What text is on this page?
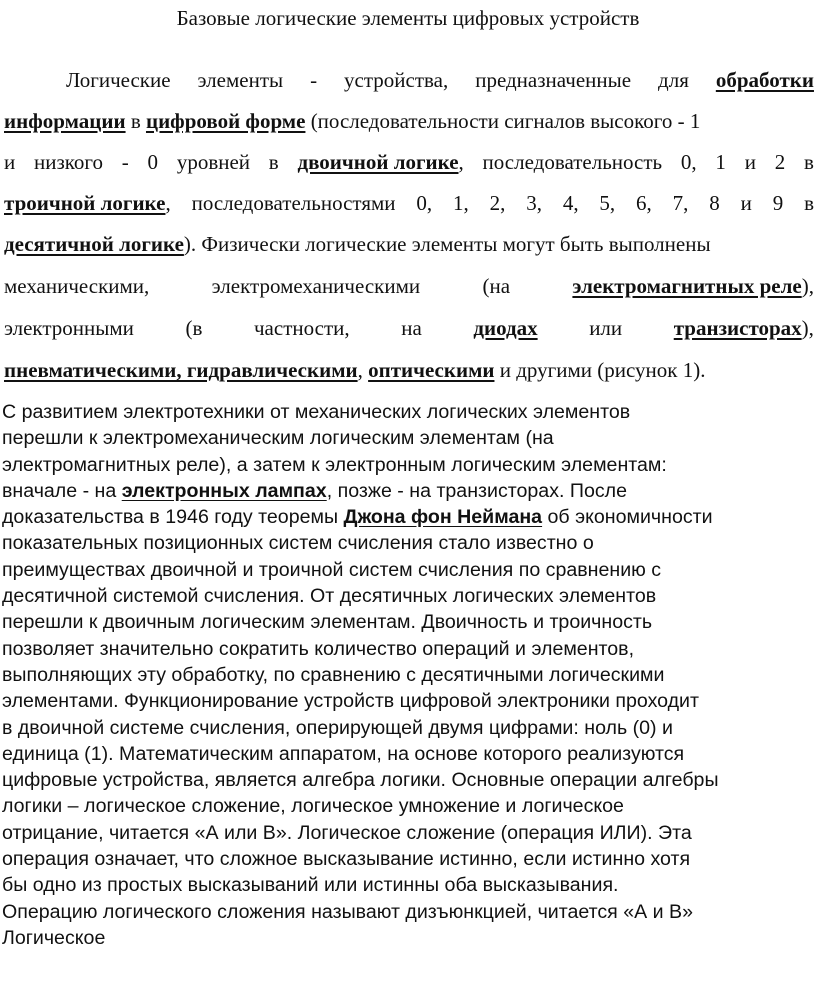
Базовые логические элементы цифровых устройств
Логические элементы - устройства, предназначенные для обработки
информации в цифровой форме (последовательности сигналов высокого - 1
и низкого - 0 уровней в двоичной логике, последовательность 0, 1 и 2 в
троичной логике, последовательностями 0, 1, 2, 3, 4, 5, 6, 7, 8 и 9 в
десятичной логике). Физически логические элементы могут быть выполнены
механическими,	электромеханическими	(на	электромагнитных реле),
электронными (в частности, на диодах или транзисторах),
пневматическими, гидравлическими, оптическими и другими (рисунок 1).
С развитием электротехники от механических логических элементов
перешли к электромеханическим логическим элементам (на
электромагнитных реле), а затем к электронным логическим элементам:
вначале - на электронных лампах, позже - на транзисторах. После
доказательства в 1946 году теоремы Джона фон Неймана об экономичности
показательных позиционных систем счисления стало известно о
преимуществах двоичной и троичной систем счисления по сравнению с
десятичной системой счисления. От десятичных логических элементов
перешли к двоичным логическим элементам. Двоичность и троичность
позволяет значительно сократить количество операций и элементов,
выполняющих эту обработку, по сравнению с десятичными логическими
элементами. Функционирование устройств цифровой электроники проходит
в двоичной системе счисления, оперирующей двумя цифрами: ноль (0) и
единица (1). Математическим аппаратом, на основе которого реализуются
цифровые устройства, является алгебра логики. Основные операции алгебры
логики – логическое сложение, логическое умножение и логическое
отрицание, читается «А или В». Логическое сложение (операция ИЛИ). Эта
операция означает, что сложное высказывание истинно, если истинно хотя
бы одно из простых высказываний или истинны оба высказывания.
Операцию логического сложения называют дизъюнкцией, читается «А и В»
Логическое
